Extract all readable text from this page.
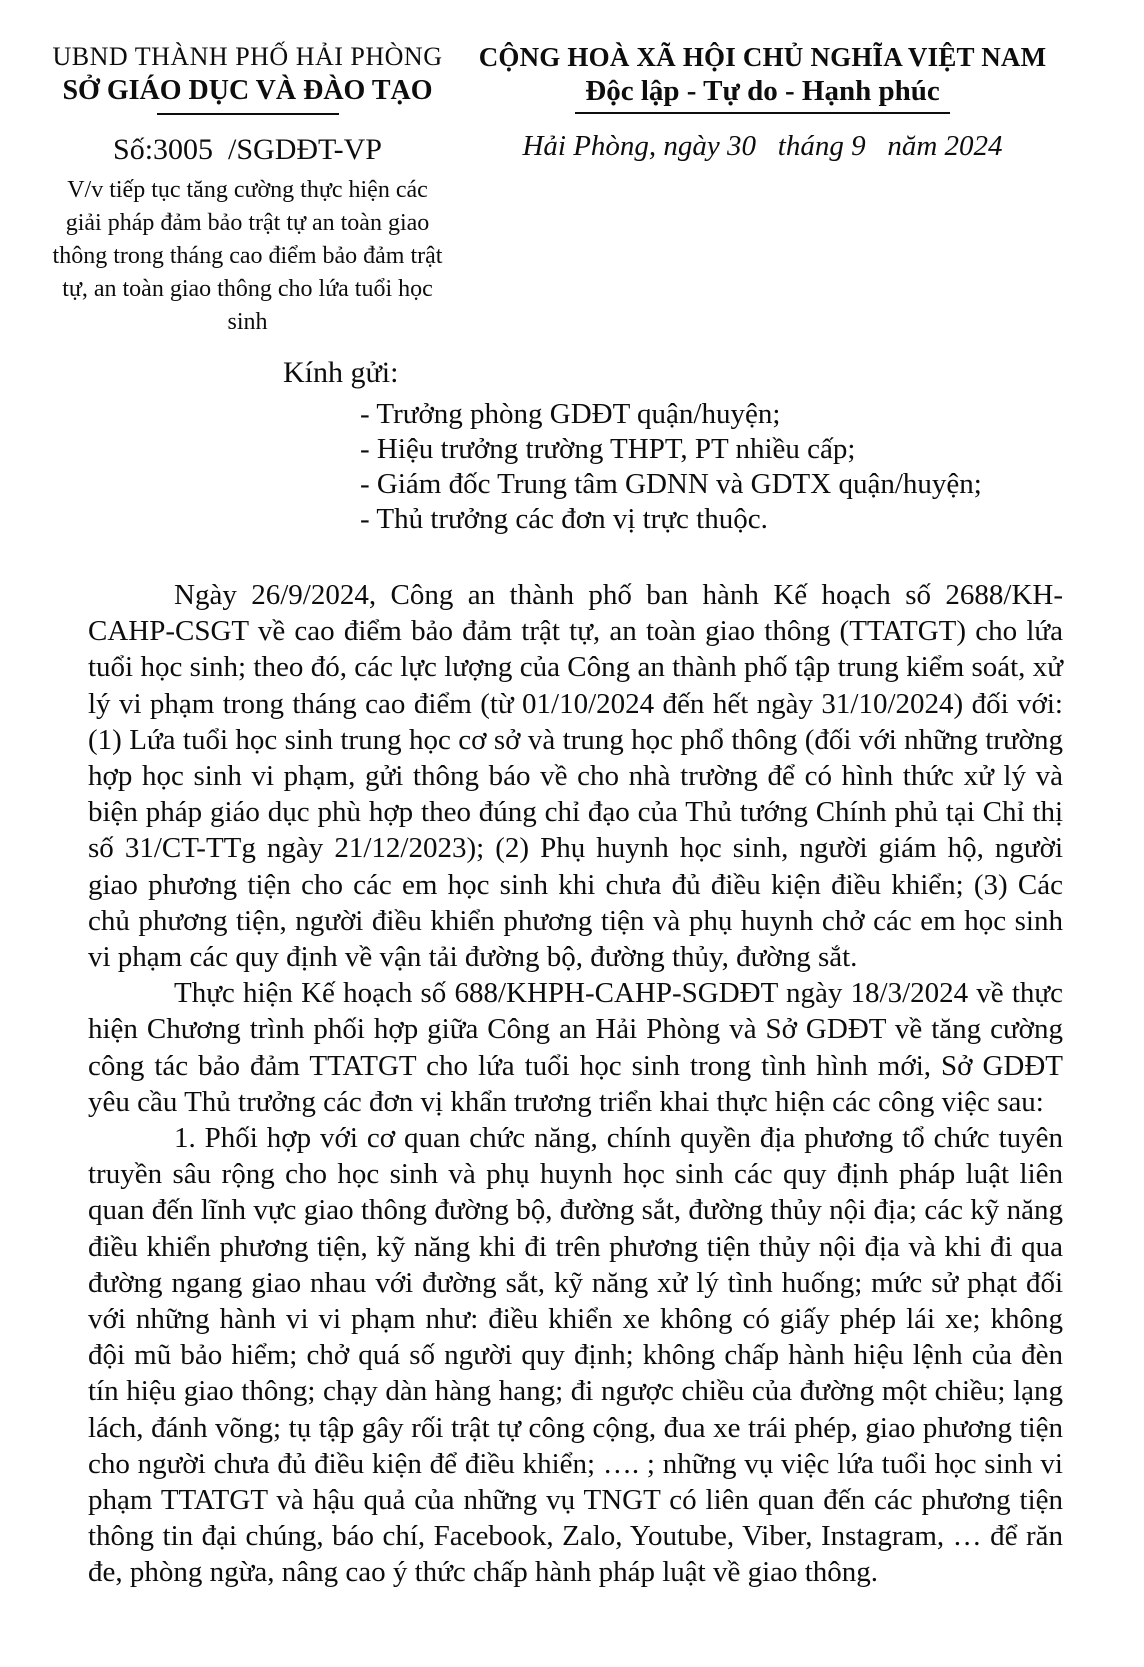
UBND THÀNH PHỐ HẢI PHÒNG
SỞ GIÁO DỤC VÀ ĐÀO TẠO
Số:3005  /SGDĐT-VP
V/v tiếp tục tăng cường thực hiện các giải pháp đảm bảo trật tự an toàn giao thông trong tháng cao điểm bảo đảm trật tự, an toàn giao thông cho lứa tuổi học sinh
CỘNG HOÀ XÃ HỘI CHỦ NGHĨA VIỆT NAM
Độc lập - Tự do - Hạnh phúc
Hải Phòng, ngày 30   tháng 9   năm 2024
Kính gửi:
- Trưởng phòng GDĐT quận/huyện;
- Hiệu trưởng trường THPT, PT nhiều cấp;
- Giám đốc Trung tâm GDNN và GDTX quận/huyện;
- Thủ trưởng các đơn vị trực thuộc.

Ngày 26/9/2024, Công an thành phố ban hành Kế hoạch số 2688/KH-CAHP-CSGT về cao điểm bảo đảm trật tự, an toàn giao thông (TTATGT) cho lứa tuổi học sinh; theo đó, các lực lượng của Công an thành phố tập trung kiểm soát, xử lý vi phạm trong tháng cao điểm (từ 01/10/2024 đến hết ngày 31/10/2024) đối với: (1) Lứa tuổi học sinh trung học cơ sở và trung học phổ thông (đối với những trường hợp học sinh vi phạm, gửi thông báo về cho nhà trường để có hình thức xử lý và biện pháp giáo dục phù hợp theo đúng chỉ đạo của Thủ tướng Chính phủ tại Chỉ thị số 31/CT-TTg ngày 21/12/2023); (2) Phụ huynh học sinh, người giám hộ, người giao phương tiện cho các em học sinh khi chưa đủ điều kiện điều khiển; (3) Các chủ phương tiện, người điều khiển phương tiện và phụ huynh chở các em học sinh vi phạm các quy định về vận tải đường bộ, đường thủy, đường sắt.

Thực hiện Kế hoạch số 688/KHPH-CAHP-SGDĐT ngày 18/3/2024 về thực hiện Chương trình phối hợp giữa Công an Hải Phòng và Sở GDĐT về tăng cường công tác bảo đảm TTATGT cho lứa tuổi học sinh trong tình hình mới, Sở GDĐT yêu cầu Thủ trưởng các đơn vị khẩn trương triển khai thực hiện các công việc sau:

1. Phối hợp với cơ quan chức năng, chính quyền địa phương tổ chức tuyên truyền sâu rộng cho học sinh và phụ huynh học sinh các quy định pháp luật liên quan đến lĩnh vực giao thông đường bộ, đường sắt, đường thủy nội địa; các kỹ năng điều khiển phương tiện, kỹ năng khi đi trên phương tiện thủy nội địa và khi đi qua đường ngang giao nhau với đường sắt, kỹ năng xử lý tình huống; mức sử phạt đối với những hành vi vi phạm như: điều khiển xe không có giấy phép lái xe; không đội mũ bảo hiểm; chở quá số người quy định; không chấp hành hiệu lệnh của đèn tín hiệu giao thông; chạy dàn hàng hang; đi ngược chiều của đường một chiều; lạng lách, đánh võng; tụ tập gây rối trật tự công cộng, đua xe trái phép, giao phương tiện cho người chưa đủ điều kiện để điều khiển; …. ; những vụ việc lứa tuổi học sinh vi phạm TTATGT và hậu quả của những vụ TNGT có liên quan đến các phương tiện thông tin đại chúng, báo chí, Facebook, Zalo, Youtube, Viber, Instagram, … để răn đe, phòng ngừa, nâng cao ý thức chấp hành pháp luật về giao thông.
